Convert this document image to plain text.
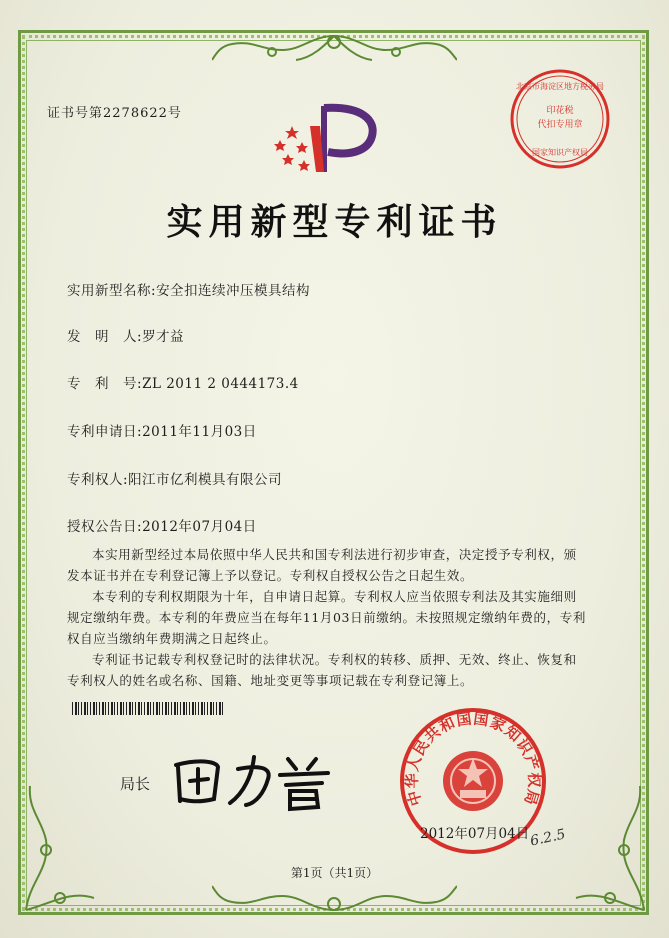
证书号第2278622号
北京市海淀区地方税务局
印花税
代扣专用章
国家知识产权局
实用新型专利证书
实用新型名称:安全扣连续冲压模具结构
发　明　人:罗才益
专　利　号:ZL 2011 2 0444173.4
专利申请日:2011年11月03日
专利权人:阳江市亿利模具有限公司
授权公告日:2012年07月04日

本实用新型经过本局依照中华人民共和国专利法进行初步审查，决定授予专利权，颁发本证书并在专利登记簿上予以登记。专利权自授权公告之日起生效。

本专利的专利权期限为十年，自申请日起算。专利权人应当依照专利法及其实施细则规定缴纳年费。本专利的年费应当在每年11月03日前缴纳。未按照规定缴纳年费的，专利权自应当缴纳年费期满之日起终止。

专利证书记载专利权登记时的法律状况。专利权的转移、质押、无效、终止、恢复和专利权人的姓名或名称、国籍、地址变更等事项记载在专利登记簿上。

局长
中华人民共和国国家知识产权局
2012年07月04日 6.2.5
第1页（共1页）
